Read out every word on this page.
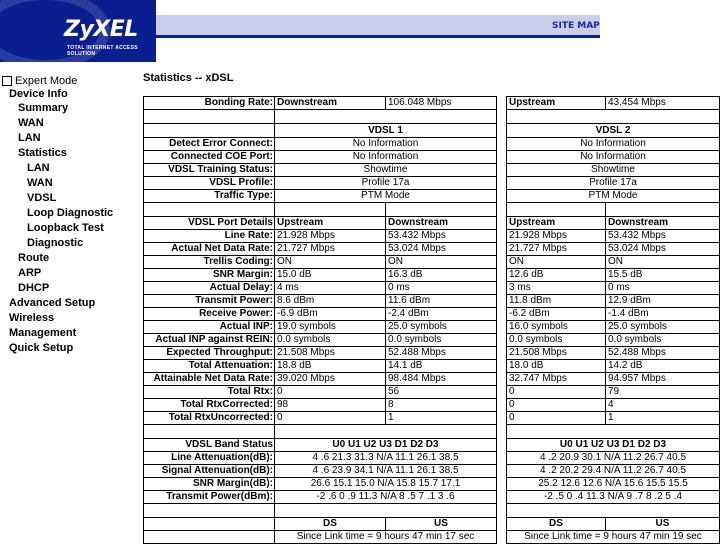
ZyXEL
TOTAL INTERNET ACCESS SOLUTION
SITE MAP
Expert Mode
Device Info
Summary
WAN
LAN
Statistics
LAN
WAN
VDSL
Loop Diagnostic
Loopback Test
Diagnostic
Route
ARP
DHCP
Advanced Setup
Wireless
Management
Quick Setup
Statistics -- xDSL
Bonding Rate:	Downstream	106.048 Mbps		Upstream	43.454 Mbps

	VDSL 1			VDSL 2	
Detect Error Connect:	No Information			No Information	
Connected COE Port:	No Information			No Information	
VDSL Training Status:	Showtime			Showtime	
VDSL Profile:	Profile 17a			Profile 17a	
Traffic Type:	PTM Mode			PTM Mode	

VDSL Port Details	Upstream	Downstream		Upstream	Downstream
Line Rate:	21.928 Mbps	53.432 Mbps		21.928 Mbps	53.432 Mbps
Actual Net Data Rate:	21.727 Mbps	53.024 Mbps		21.727 Mbps	53.024 Mbps
Trellis Coding:	ON	ON		ON	ON
SNR Margin:	15.0 dB	16.3 dB		12.6 dB	15.5 dB
Actual Delay:	4 ms	0 ms		3 ms	0 ms
Transmit Power:	8.6 dBm	11.6 dBm		11.8 dBm	12.9 dBm
Receive Power:	-6.9 dBm	-2.4 dBm		-6.2 dBm	-1.4 dBm
Actual INP:	19.0 symbols	25.0 symbols		16.0 symbols	25.0 symbols
Actual INP against REIN:	0.0 symbols	0.0 symbols		0.0 symbols	0.0 symbols
Expected Throughput:	21.508 Mbps	52.488 Mbps		21.508 Mbps	52.488 Mbps
Total Attenuation:	18.8 dB	14.1 dB		18.0 dB	14.2 dB
Attainable Net Data Rate:	39.020 Mbps	98.484 Mbps		32.747 Mbps	94.957 Mbps
Total Rtx:	0	56		0	79
Total RtxCorrected:	98	8		0	4
Total RtxUncorrected:	0	1		0	1

VDSL Band Status	U0 U1 U2 U3 D1 D2 D3			U0 U1 U2 U3 D1 D2 D3	
Line Attenuation(dB):	4 .6 21.3 31.3 N/A 11.1 26.1 38.5			4 .2 20.9 30.1 N/A 11.2 26.7 40.5	
Signal Attenuation(dB):	4 .6 23.9 34.1 N/A 11.1 26.1 38.5			4 .2 20.2 29.4 N/A 11.2 26.7 40.5	
SNR Margin(dB):	26.6 15.1 15.0 N/A 15.8 15.7 17.1			25.2 12.6 12.6 N/A 15.6 15.5 15.5	
Transmit Power(dBm):	-2 .6 0 .9 11.3 N/A 8 .5 7 .1 3 .6			-2 .5 0 .4 11.3 N/A 9 .7 8 .2 5 .4	

	DS	US		DS	US
	Since Link time = 9 hours 47 min 17 sec			Since Link time = 9 hours 47 min 19 sec	
